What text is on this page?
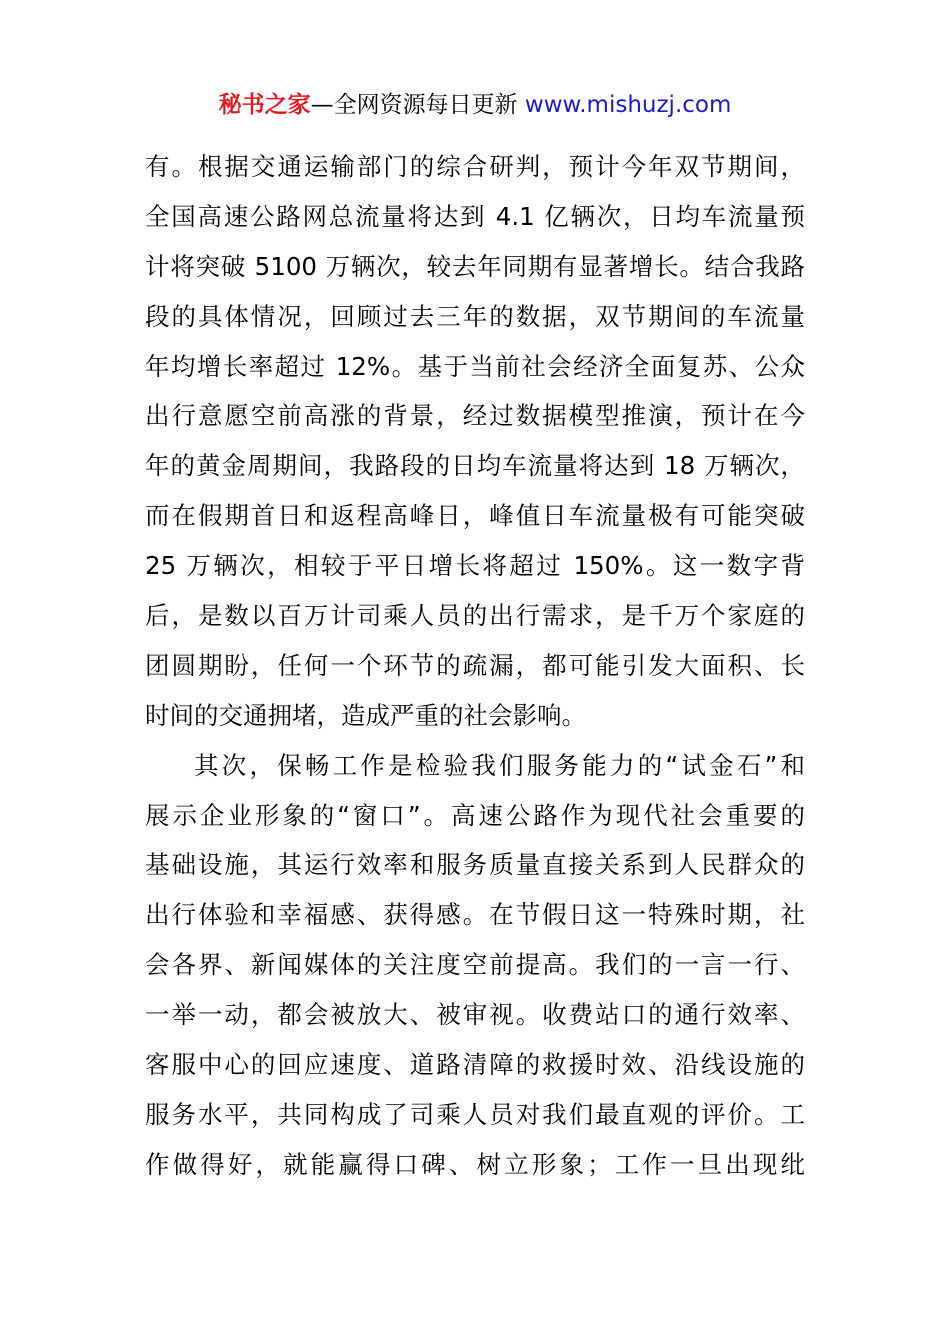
秘书之家—全网资源每日更新 www.mishuzj.com
有。根据交通运输部门的综合研判，预计今年双节期间，
全国高速公路网总流量将达到 4.1 亿辆次，日均车流量预
计将突破 5100 万辆次，较去年同期有显著增长。结合我路
段的具体情况，回顾过去三年的数据，双节期间的车流量
年均增长率超过 12%。基于当前社会经济全面复苏、公众
出行意愿空前高涨的背景，经过数据模型推演，预计在今
年的黄金周期间，我路段的日均车流量将达到 18 万辆次，
而在假期首日和返程高峰日，峰值日车流量极有可能突破
25 万辆次，相较于平日增长将超过 150%。这一数字背
后，是数以百万计司乘人员的出行需求，是千万个家庭的
团圆期盼，任何一个环节的疏漏，都可能引发大面积、长
时间的交通拥堵，造成严重的社会影响。
其次，保畅工作是检验我们服务能力的“试金石”和
展示企业形象的“窗口”。高速公路作为现代社会重要的
基础设施，其运行效率和服务质量直接关系到人民群众的
出行体验和幸福感、获得感。在节假日这一特殊时期，社
会各界、新闻媒体的关注度空前提高。我们的一言一行、
一举一动，都会被放大、被审视。收费站口的通行效率、
客服中心的回应速度、道路清障的救援时效、沿线设施的
服务水平，共同构成了司乘人员对我们最直观的评价。工
作做得好，就能赢得口碑、树立形象；工作一旦出现纰
